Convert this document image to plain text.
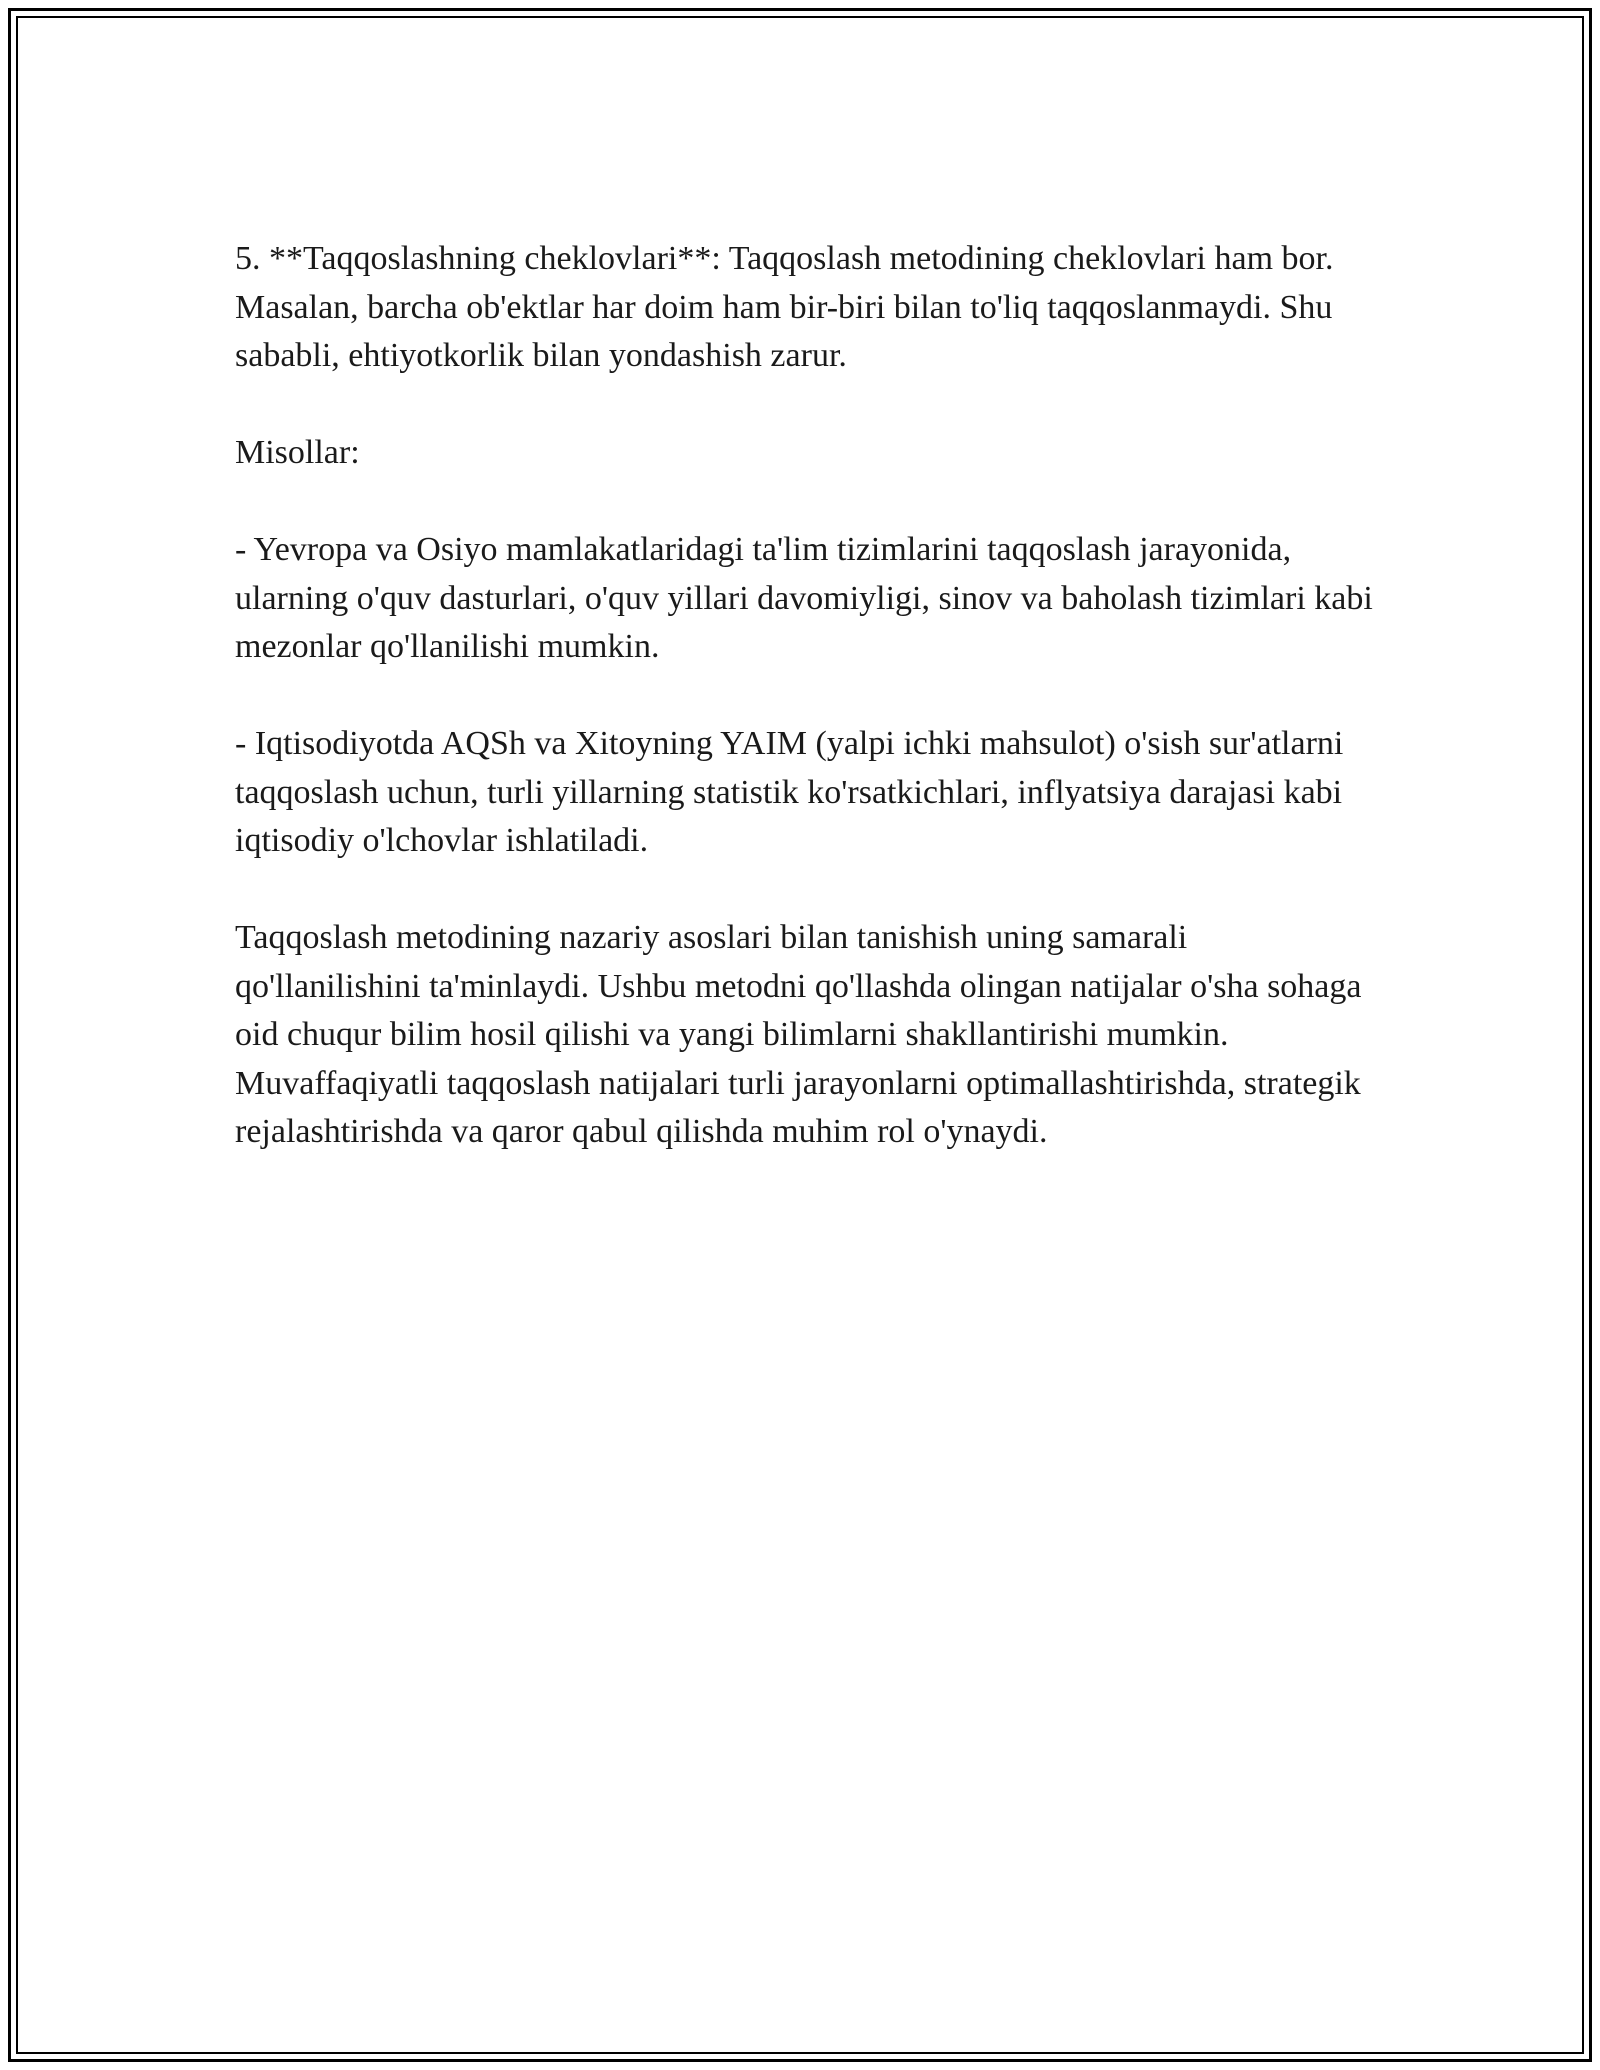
5. **Taqqoslashning cheklovlari**: Taqqoslash metodining cheklovlari ham bor. Masalan, barcha ob'ektlar har doim ham bir-biri bilan to'liq taqqoslanmaydi. Shu sababli, ehtiyotkorlik bilan yondashish zarur.

Misollar:

- Yevropa va Osiyo mamlakatlaridagi ta'lim tizimlarini taqqoslash jarayonida, ularning o'quv dasturlari, o'quv yillari davomiyligi, sinov va baholash tizimlari kabi mezonlar qo'llanilishi mumkin.

- Iqtisodiyotda AQSh va Xitoyning YAIM (yalpi ichki mahsulot) o'sish sur'atlarni taqqoslash uchun, turli yillarning statistik ko'rsatkichlari, inflyatsiya darajasi kabi iqtisodiy o'lchovlar ishlatiladi.

Taqqoslash metodining nazariy asoslari bilan tanishish uning samarali qo'llanilishini ta'minlaydi. Ushbu metodni qo'llashda olingan natijalar o'sha sohaga oid chuqur bilim hosil qilishi va yangi bilimlarni shakllantirishi mumkin. Muvaffaqiyatli taqqoslash natijalari turli jarayonlarni optimallashtirishda, strategik rejalashtirishda va qaror qabul qilishda muhim rol o'ynaydi.
